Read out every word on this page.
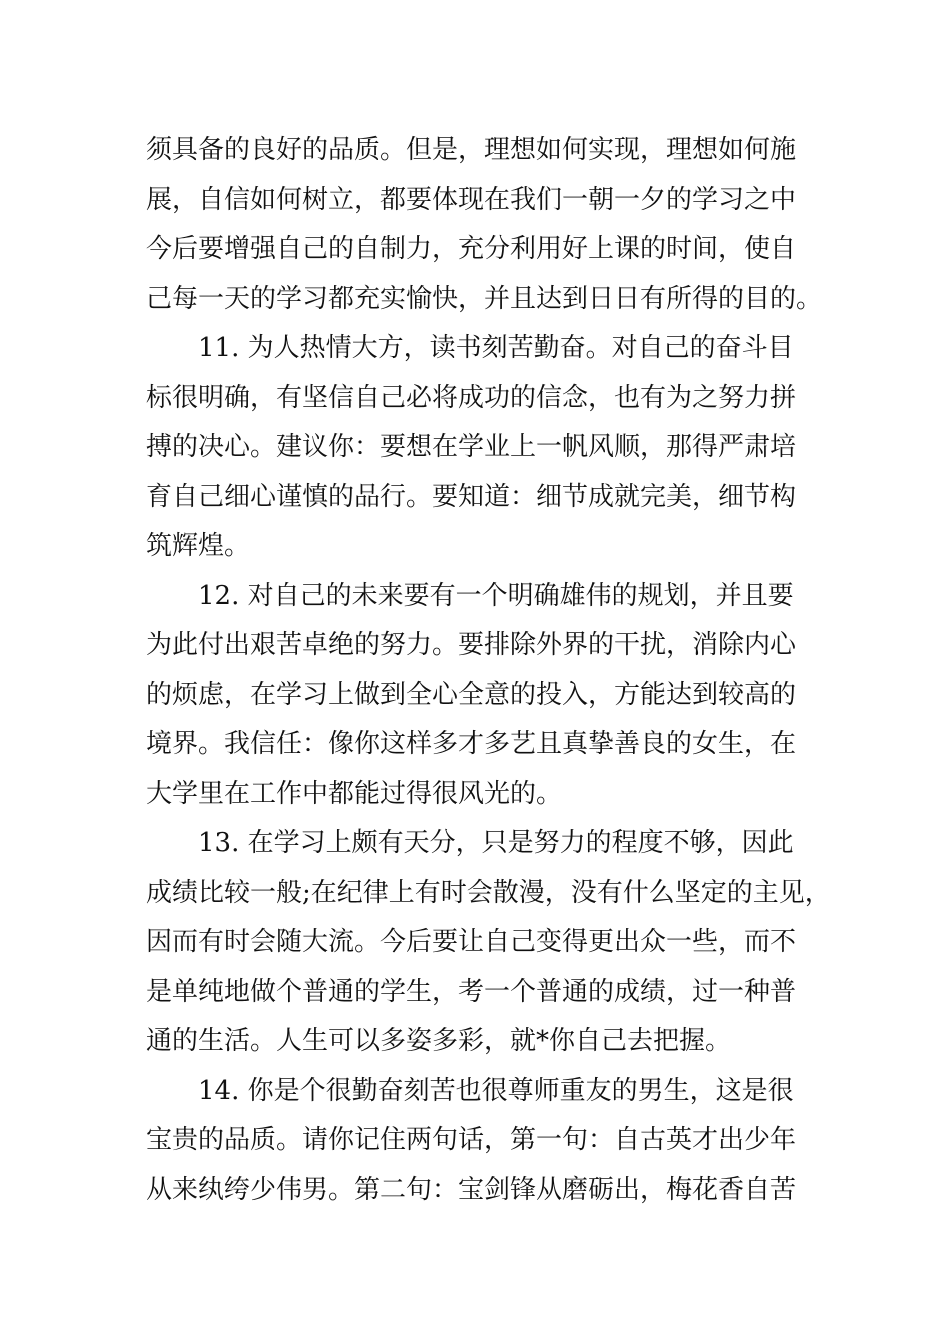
须具备的良好的品质。但是，理想如何实现，理想如何施
展，自信如何树立，都要体现在我们一朝一夕的学习之中
今后要增强自己的自制力，充分利用好上课的时间，使自
己每一天的学习都充实愉快，并且达到日日有所得的目的。
11. 为人热情大方，读书刻苦勤奋。对自己的奋斗目
标很明确，有坚信自己必将成功的信念，也有为之努力拼
搏的决心。建议你：要想在学业上一帆风顺，那得严肃培
育自己细心谨慎的品行。要知道：细节成就完美，细节构
筑辉煌。
12. 对自己的未来要有一个明确雄伟的规划，并且要
为此付出艰苦卓绝的努力。要排除外界的干扰，消除内心
的烦虑，在学习上做到全心全意的投入，方能达到较高的
境界。我信任：像你这样多才多艺且真挚善良的女生，在
大学里在工作中都能过得很风光的。
13. 在学习上颇有天分，只是努力的程度不够，因此
成绩比较一般;在纪律上有时会散漫，没有什么坚定的主见，
因而有时会随大流。今后要让自己变得更出众一些，而不
是单纯地做个普通的学生，考一个普通的成绩，过一种普
通的生活。人生可以多姿多彩，就*你自己去把握。
14. 你是个很勤奋刻苦也很尊师重友的男生，这是很
宝贵的品质。请你记住两句话，第一句：自古英才出少年
从来纨绔少伟男。第二句：宝剑锋从磨砺出，梅花香自苦
